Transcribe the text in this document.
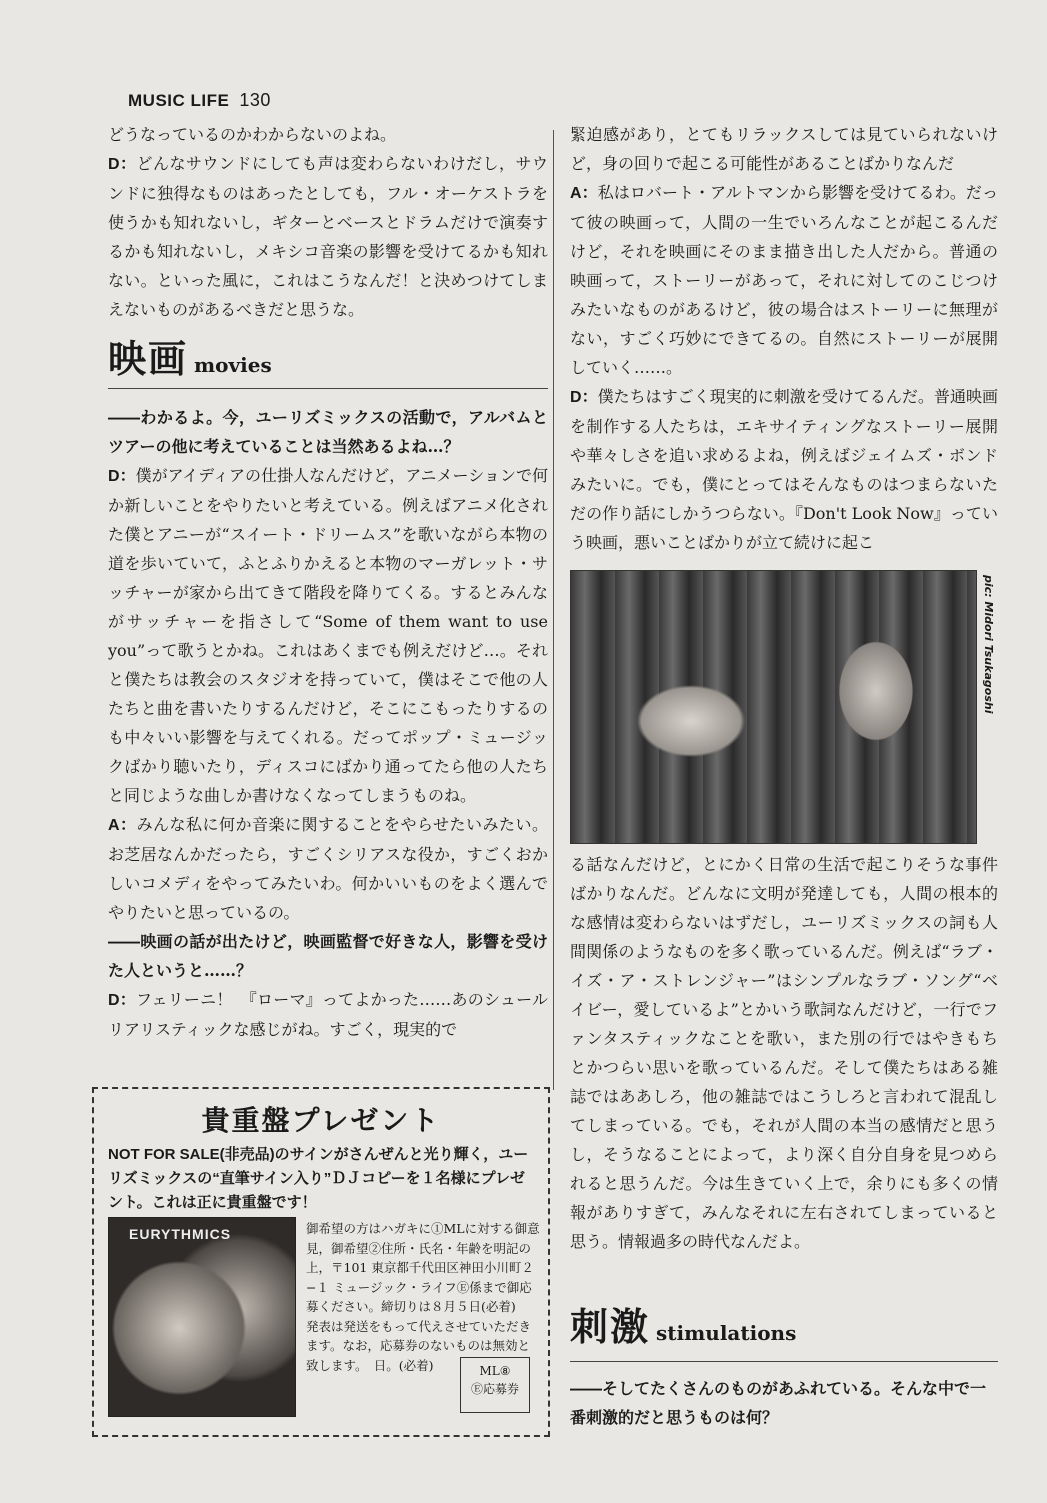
MUSIC LIFE 130

どうなっているのかわからないのよね。

D：どんなサウンドにしても声は変わらないわけだし，サウンドに独得なものはあったとしても，フル・オーケストラを使うかも知れないし，ギターとベースとドラムだけで演奏するかも知れないし，メキシコ音楽の影響を受けてるかも知れない。といった風に，これはこうなんだ！と決めつけてしまえないものがあるべきだと思うな。

映画 movies

――わかるよ。今，ユーリズミックスの活動で，アルバムとツアーの他に考えていることは当然あるよね…？

D：僕がアイディアの仕掛人なんだけど，アニメーションで何か新しいことをやりたいと考えている。例えばアニメ化された僕とアニーが“スイート・ドリームス”を歌いながら本物の道を歩いていて，ふとふりかえると本物のマーガレット・サッチャーが家から出てきて階段を降りてくる。するとみんながサッチャーを指さして“Some of them want to use you”って歌うとかね。これはあくまでも例えだけど…。それと僕たちは教会のスタジオを持っていて，僕はそこで他の人たちと曲を書いたりするんだけど，そこにこもったりするのも中々いい影響を与えてくれる。だってポップ・ミュージックばかり聴いたり，ディスコにばかり通ってたら他の人たちと同じような曲しか書けなくなってしまうものね。

A：みんな私に何か音楽に関することをやらせたいみたい。お芝居なんかだったら，すごくシリアスな役か，すごくおかしいコメディをやってみたいわ。何かいいものをよく選んでやりたいと思っているの。

――映画の話が出たけど，映画監督で好きな人，影響を受けた人というと……？

D：フェリーニ！　『ローマ』ってよかった……あのシュールリアリスティックな感じがね。すごく，現実的で

緊迫感があり，とてもリラックスしては見ていられないけど，身の回りで起こる可能性があることばかりなんだ

A：私はロバート・アルトマンから影響を受けてるわ。だって彼の映画って，人間の一生でいろんなことが起こるんだけど，それを映画にそのまま描き出した人だから。普通の映画って，ストーリーがあって，それに対してのこじつけみたいなものがあるけど，彼の場合はストーリーに無理がない，すごく巧妙にできてるの。自然にストーリーが展開していく……。

D：僕たちはすごく現実的に刺激を受けてるんだ。普通映画を制作する人たちは，エキサイティングなストーリー展開や華々しさを追い求めるよね，例えばジェイムズ・ボンドみたいに。でも，僕にとってはそんなものはつまらないただの作り話にしかうつらない。『Don't Look Now』っていう映画，悪いことばかりが立て続けに起こ

pic: Midori Tsukagoshi

る話なんだけど，とにかく日常の生活で起こりそうな事件ばかりなんだ。どんなに文明が発達しても，人間の根本的な感情は変わらないはずだし，ユーリズミックスの詞も人間関係のようなものを多く歌っているんだ。例えば“ラブ・イズ・ア・ストレンジャー”はシンプルなラブ・ソング“ベイビー，愛しているよ”とかいう歌詞なんだけど，一行でファンタスティックなことを歌い，また別の行ではやきもちとかつらい思いを歌っているんだ。そして僕たちはある雑誌ではああしろ，他の雑誌ではこうしろと言われて混乱してしまっている。でも，それが人間の本当の感情だと思うし，そうなることによって，より深く自分自身を見つめられると思うんだ。今は生きていく上で，余りにも多くの情報がありすぎて，みんなそれに左右されてしまっていると思う。情報過多の時代なんだよ。

刺激 stimulations
――そしてたくさんのものがあふれている。そんな中で一番刺激的だと思うものは何？
貴重盤プレゼント
NOT FOR SALE(非売品)のサインがさんぜんと光り輝く，ユーリズミックスの“直筆サイン入り”ＤＪコピーを１名様にプレゼント。これは正に貴重盤です！
EURYTHMICS	御希望の方はハガキに①MLに対する御意見，御希望②住所・氏名・年齢を明記の上，〒101 東京都千代田区神田小川町２−１ ミュージック・ライフⒺ係まで御応募ください。締切りは８月５日(必着)　発表は発送をもって代えさせていただきます。なお，応募券のないものは無効と致します。　日。(必着)	ML⑧
Ⓔ応募券
